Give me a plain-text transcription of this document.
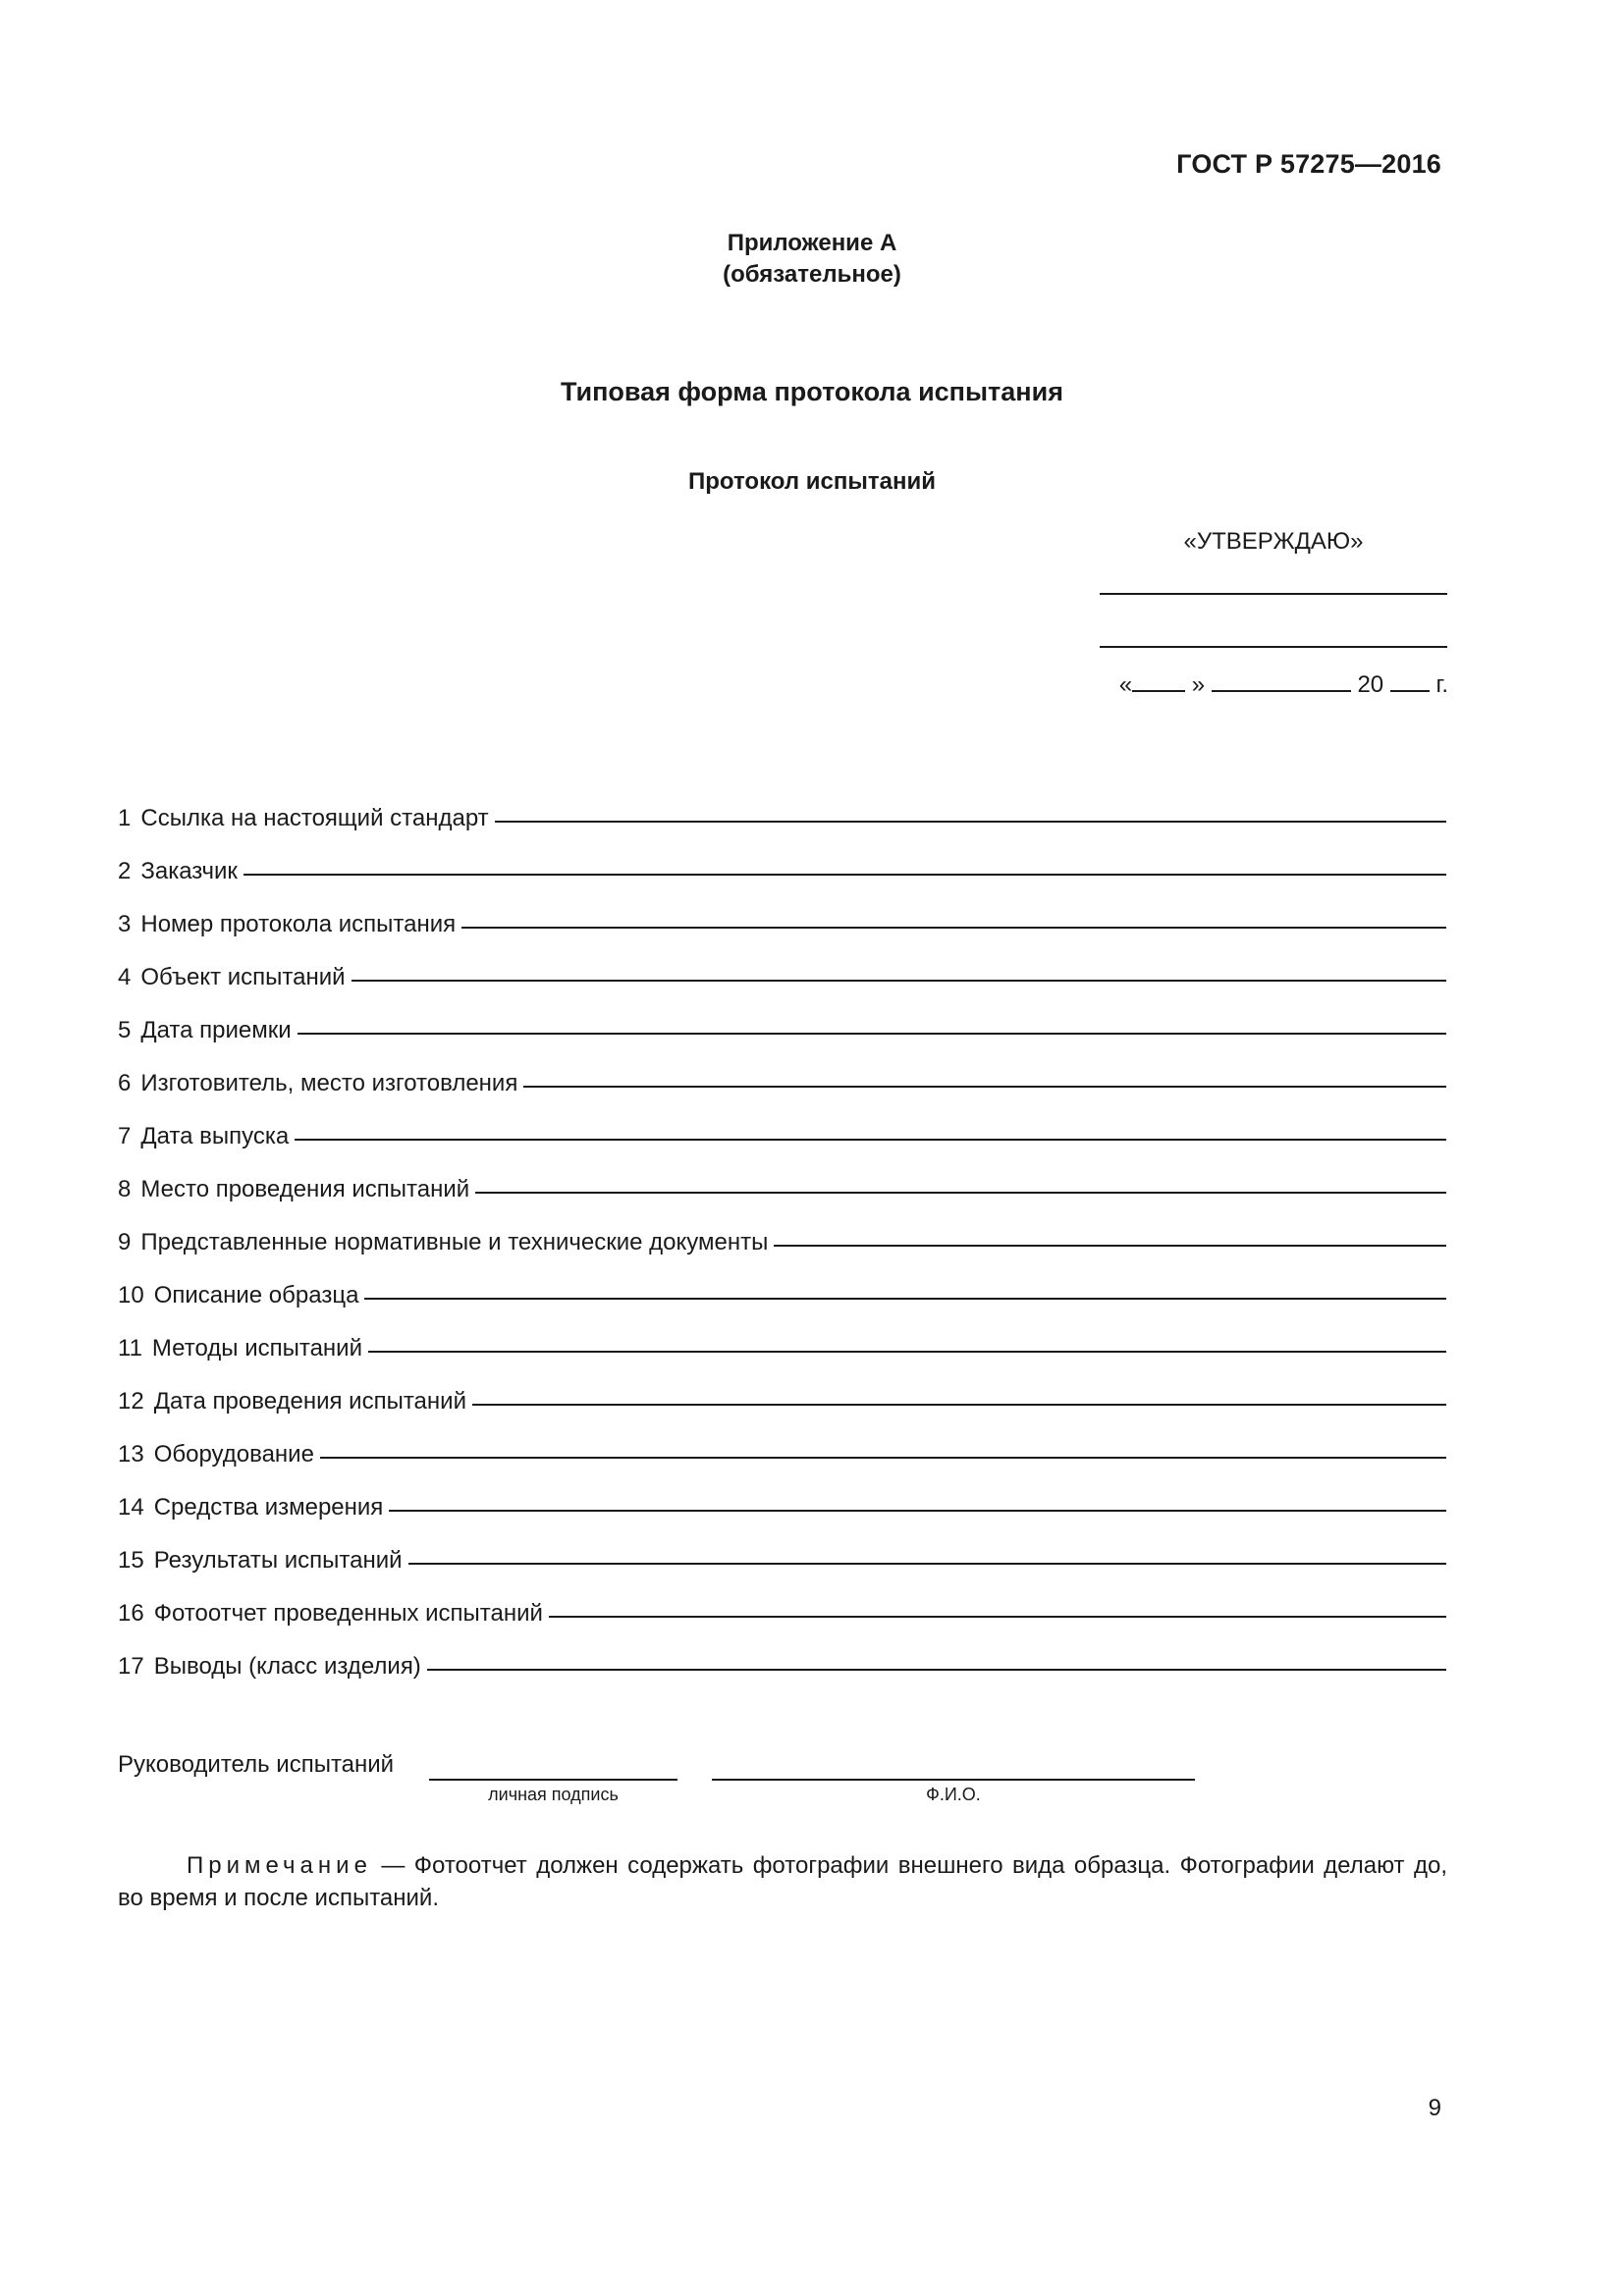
ГОСТ Р 57275—2016
Приложение А
(обязательное)
Типовая форма протокола испытания
Протокол испытаний
«УТВЕРЖДАЮ»
«	»	20 г.
1 Ссылка на настоящий стандарт
2 Заказчик
3 Номер протокола испытания
4 Объект испытаний
5 Дата приемки
6 Изготовитель, место изготовления
7 Дата выпуска
8 Место проведения испытаний
9 Представленные нормативные и технические документы
10 Описание образца
11 Методы испытаний
12 Дата проведения испытаний
13 Оборудование
14 Средства измерения
15 Результаты испытаний
16 Фотоотчет проведенных испытаний
17 Выводы (класс изделия)
Руководитель испытаний
личная подпись	Ф.И.О.
Примечание — Фотоотчет должен содержать фотографии внешнего вида образца. Фотографии делают до, во время и после испытаний.
9
